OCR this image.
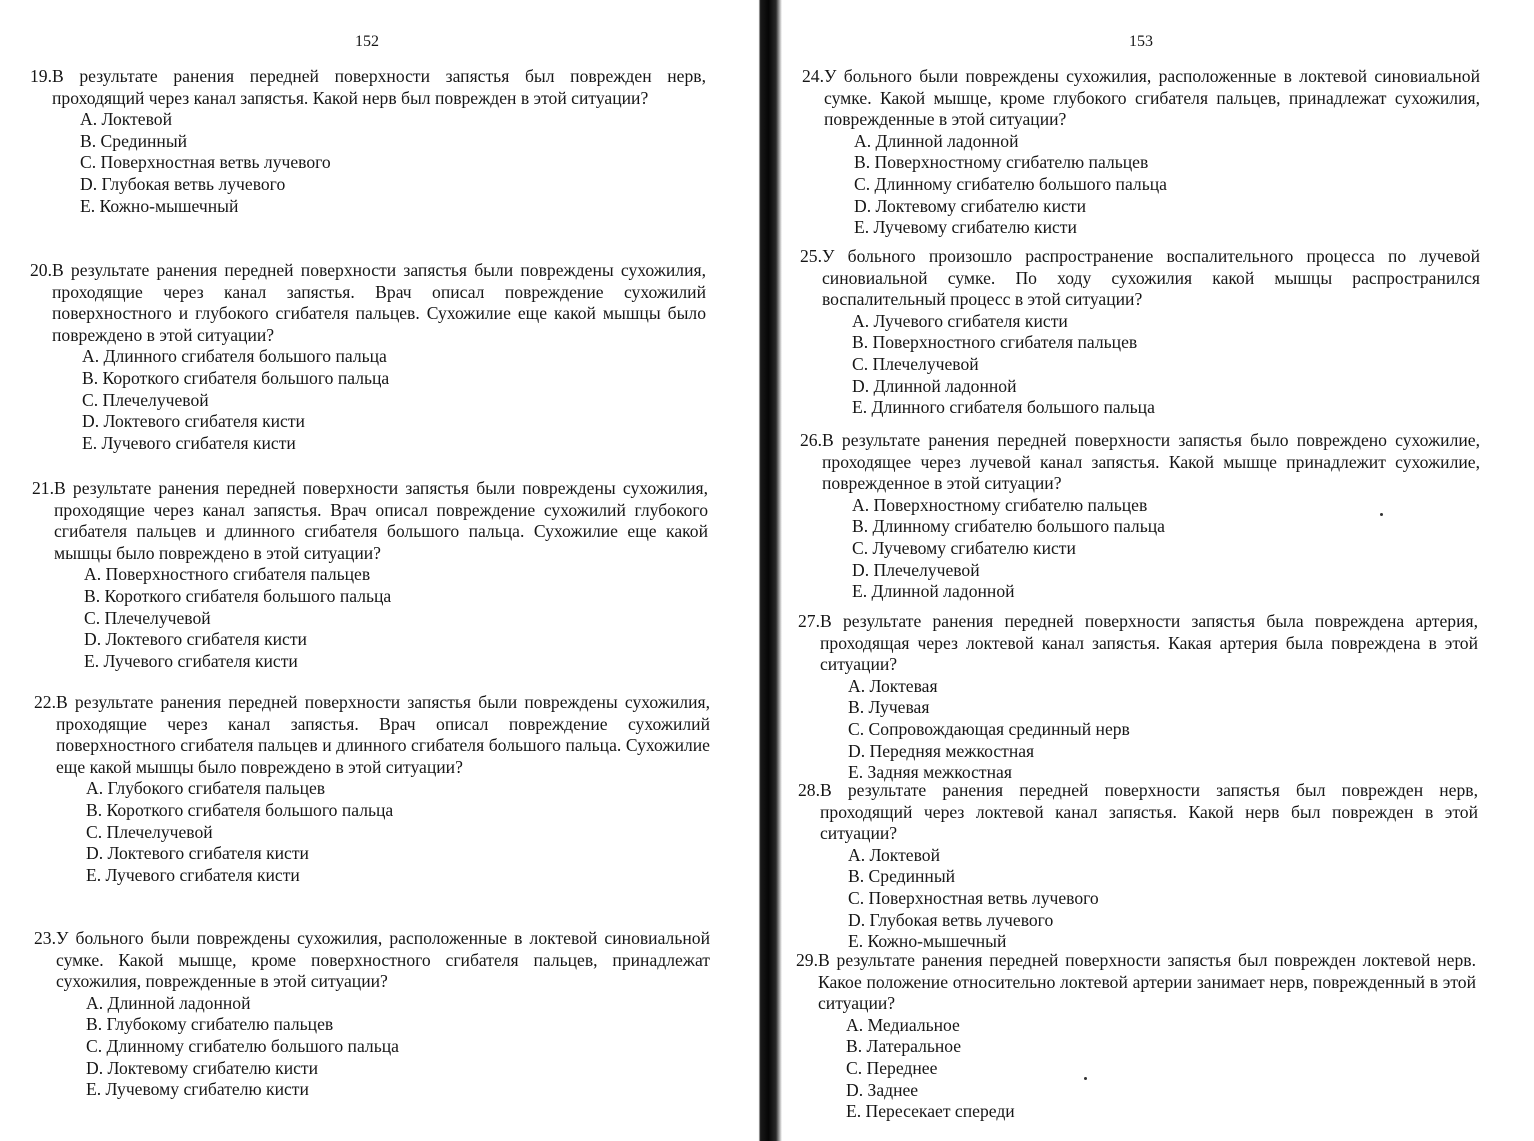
152
19. В результате ранения передней поверхности запястья был поврежден нерв, проходящий через канал запястья. Какой нерв был поврежден в этой ситуации?
A. Локтевой
B. Срединный
C. Поверхностная ветвь лучевого
D. Глубокая ветвь лучевого
E. Кожно-мышечный
20. В результате ранения передней поверхности запястья были повреждены сухожилия, проходящие через канал запястья. Врач описал повреждение сухожилий поверхностного и глубокого сгибателя пальцев. Сухожилие еще какой мышцы было повреждено в этой ситуации?
A. Длинного сгибателя большого пальца
B. Короткого сгибателя большого пальца
C. Плечелучевой
D. Локтевого сгибателя кисти
E. Лучевого сгибателя кисти
21. В результате ранения передней поверхности запястья были повреждены сухожилия, проходящие через канал запястья. Врач описал повреждение сухожилий глубокого сгибателя пальцев и длинного сгибателя большого пальца. Сухожилие еще какой мышцы было повреждено в этой ситуации?
A. Поверхностного сгибателя пальцев
B. Короткого сгибателя большого пальца
C. Плечелучевой
D. Локтевого сгибателя кисти
E. Лучевого сгибателя кисти
22. В результате ранения передней поверхности запястья были повреждены сухожилия, проходящие через канал запястья. Врач описал повреждение сухожилий поверхностного сгибателя пальцев и длинного сгибателя большого пальца. Сухожилие еще какой мышцы было повреждено в этой ситуации?
A. Глубокого сгибателя пальцев
B. Короткого сгибателя большого пальца
C. Плечелучевой
D. Локтевого сгибателя кисти
E. Лучевого сгибателя кисти
23. У больного были повреждены сухожилия, расположенные в локтевой синовиальной сумке. Какой мышце, кроме поверхностного сгибателя пальцев, принадлежат сухожилия, поврежденные в этой ситуации?
A. Длинной ладонной
B. Глубокому сгибателю пальцев
C. Длинному сгибателю большого пальца
D. Локтевому сгибателю кисти
E. Лучевому сгибателю кисти
153
24. У больного были повреждены сухожилия, расположенные в локтевой синовиальной сумке. Какой мышце, кроме глубокого сгибателя пальцев, принадлежат сухожилия, поврежденные в этой ситуации?
A. Длинной ладонной
B. Поверхностному сгибателю пальцев
C. Длинному сгибателю большого пальца
D. Локтевому сгибателю кисти
E. Лучевому сгибателю кисти
25. У больного произошло распространение воспалительного процесса по лучевой синовиальной сумке. По ходу сухожилия какой мышцы распространился воспалительный процесс в этой ситуации?
A. Лучевого сгибателя кисти
B. Поверхностного сгибателя пальцев
C. Плечелучевой
D. Длинной ладонной
E. Длинного сгибателя большого пальца
26. В результате ранения передней поверхности запястья было повреждено сухожилие, проходящее через лучевой канал запястья. Какой мышце принадлежит сухожилие, поврежденное в этой ситуации?
A. Поверхностному сгибателю пальцев
B. Длинному сгибателю большого пальца
C. Лучевому сгибателю кисти
D. Плечелучевой
E. Длинной ладонной
27. В результате ранения передней поверхности запястья была повреждена артерия, проходящая через локтевой канал запястья. Какая артерия была повреждена в этой ситуации?
A. Локтевая
B. Лучевая
C. Сопровождающая срединный нерв
D. Передняя межкостная
E. Задняя межкостная
28. В результате ранения передней поверхности запястья был поврежден нерв, проходящий через локтевой канал запястья. Какой нерв был поврежден в этой ситуации?
A. Локтевой
B. Срединный
C. Поверхностная ветвь лучевого
D. Глубокая ветвь лучевого
E. Кожно-мышечный
29. В результате ранения передней поверхности запястья был поврежден локтевой нерв. Какое положение относительно локтевой артерии занимает нерв, поврежденный в этой ситуации?
A. Медиальное
B. Латеральное
C. Переднее
D. Заднее
E. Пересекает спереди
